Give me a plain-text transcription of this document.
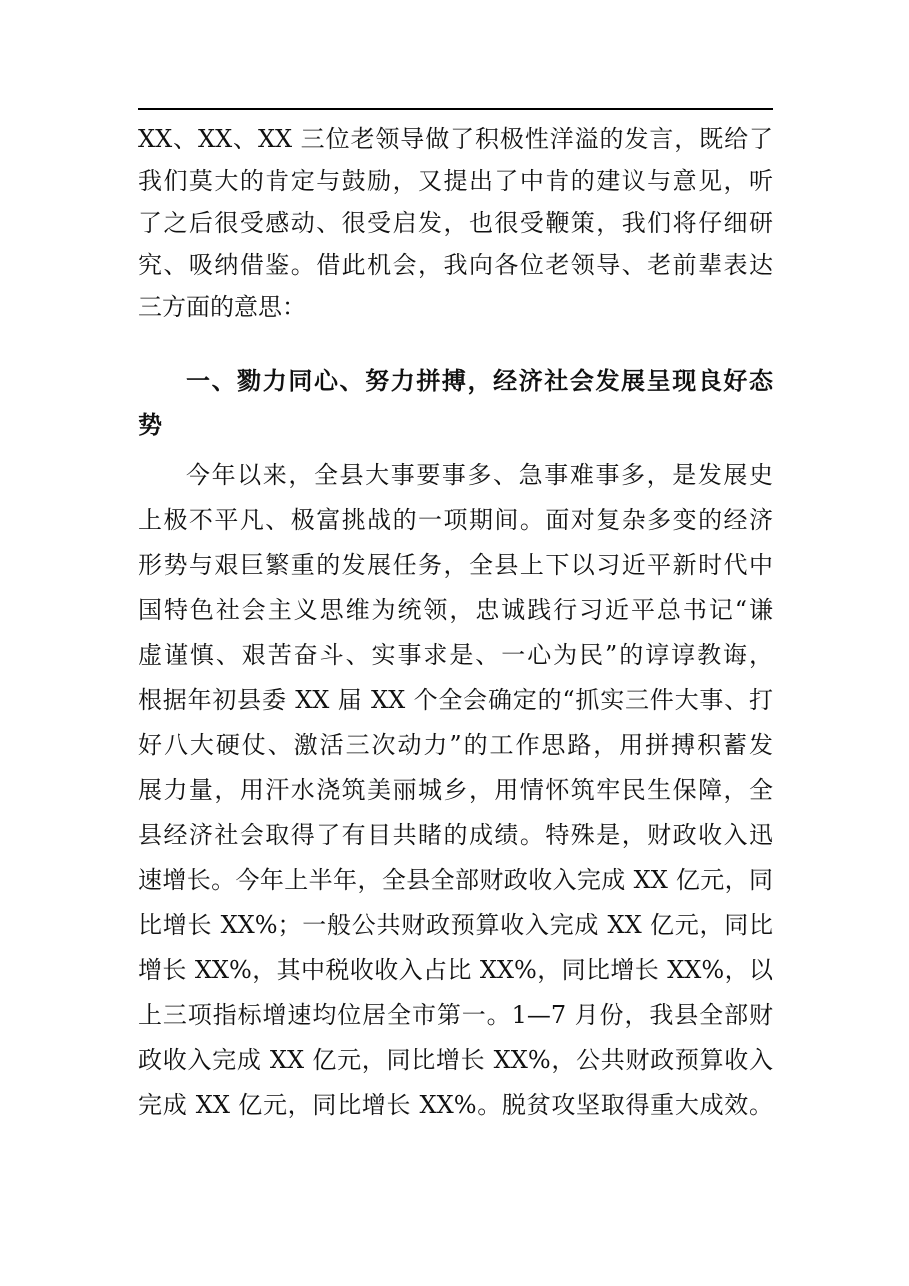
XX、XX、XX 三位老领导做了积极性洋溢的发言，既给了
我们莫大的肯定与鼓励，又提出了中肯的建议与意见，听
了之后很受感动、很受启发，也很受鞭策，我们将仔细研
究、吸纳借鉴。借此机会，我向各位老领导、老前辈表达
三方面的意思：
一、勠力同心、努力拼搏，经济社会发展呈现良好态
势
今年以来，全县大事要事多、急事难事多，是发展史
上极不平凡、极富挑战的一项期间。面对复杂多变的经济
形势与艰巨繁重的发展任务，全县上下以习近平新时代中
国特色社会主义思维为统领，忠诚践行习近平总书记“谦
虚谨慎、艰苦奋斗、实事求是、一心为民”的谆谆教诲，
根据年初县委 XX 届 XX 个全会确定的“抓实三件大事、打
好八大硬仗、激活三次动力”的工作思路，用拼搏积蓄发
展力量，用汗水浇筑美丽城乡，用情怀筑牢民生保障，全
县经济社会取得了有目共睹的成绩。特殊是，财政收入迅
速增长。今年上半年，全县全部财政收入完成 XX 亿元，同
比增长 XX%；一般公共财政预算收入完成 XX 亿元，同比
增长 XX%，其中税收收入占比 XX%，同比增长 XX%，以
上三项指标增速均位居全市第一。1—7 月份，我县全部财
政收入完成 XX 亿元，同比增长 XX%，公共财政预算收入
完成 XX 亿元，同比增长 XX%。脱贫攻坚取得重大成效。
